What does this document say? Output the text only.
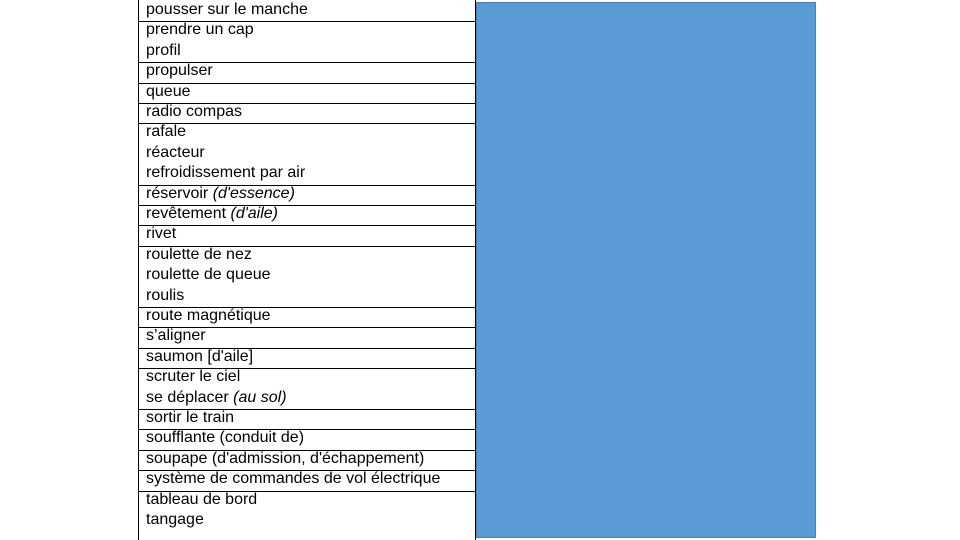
pousser sur le manche
prendre un cap
profil
propulser
queue
radio compas
rafale
réacteur
refroidissement par air
réservoir (d'essence)
revêtement (d'aile)
rivet
roulette de nez
roulette de queue
roulis
route magnétique
s’aligner
saumon [d'aile]
scruter le ciel
se déplacer (au sol)
sortir le train
soufflante (conduit de)
soupape (d'admission, d'échappement)
système de commandes de vol électrique
tableau de bord
tangage
